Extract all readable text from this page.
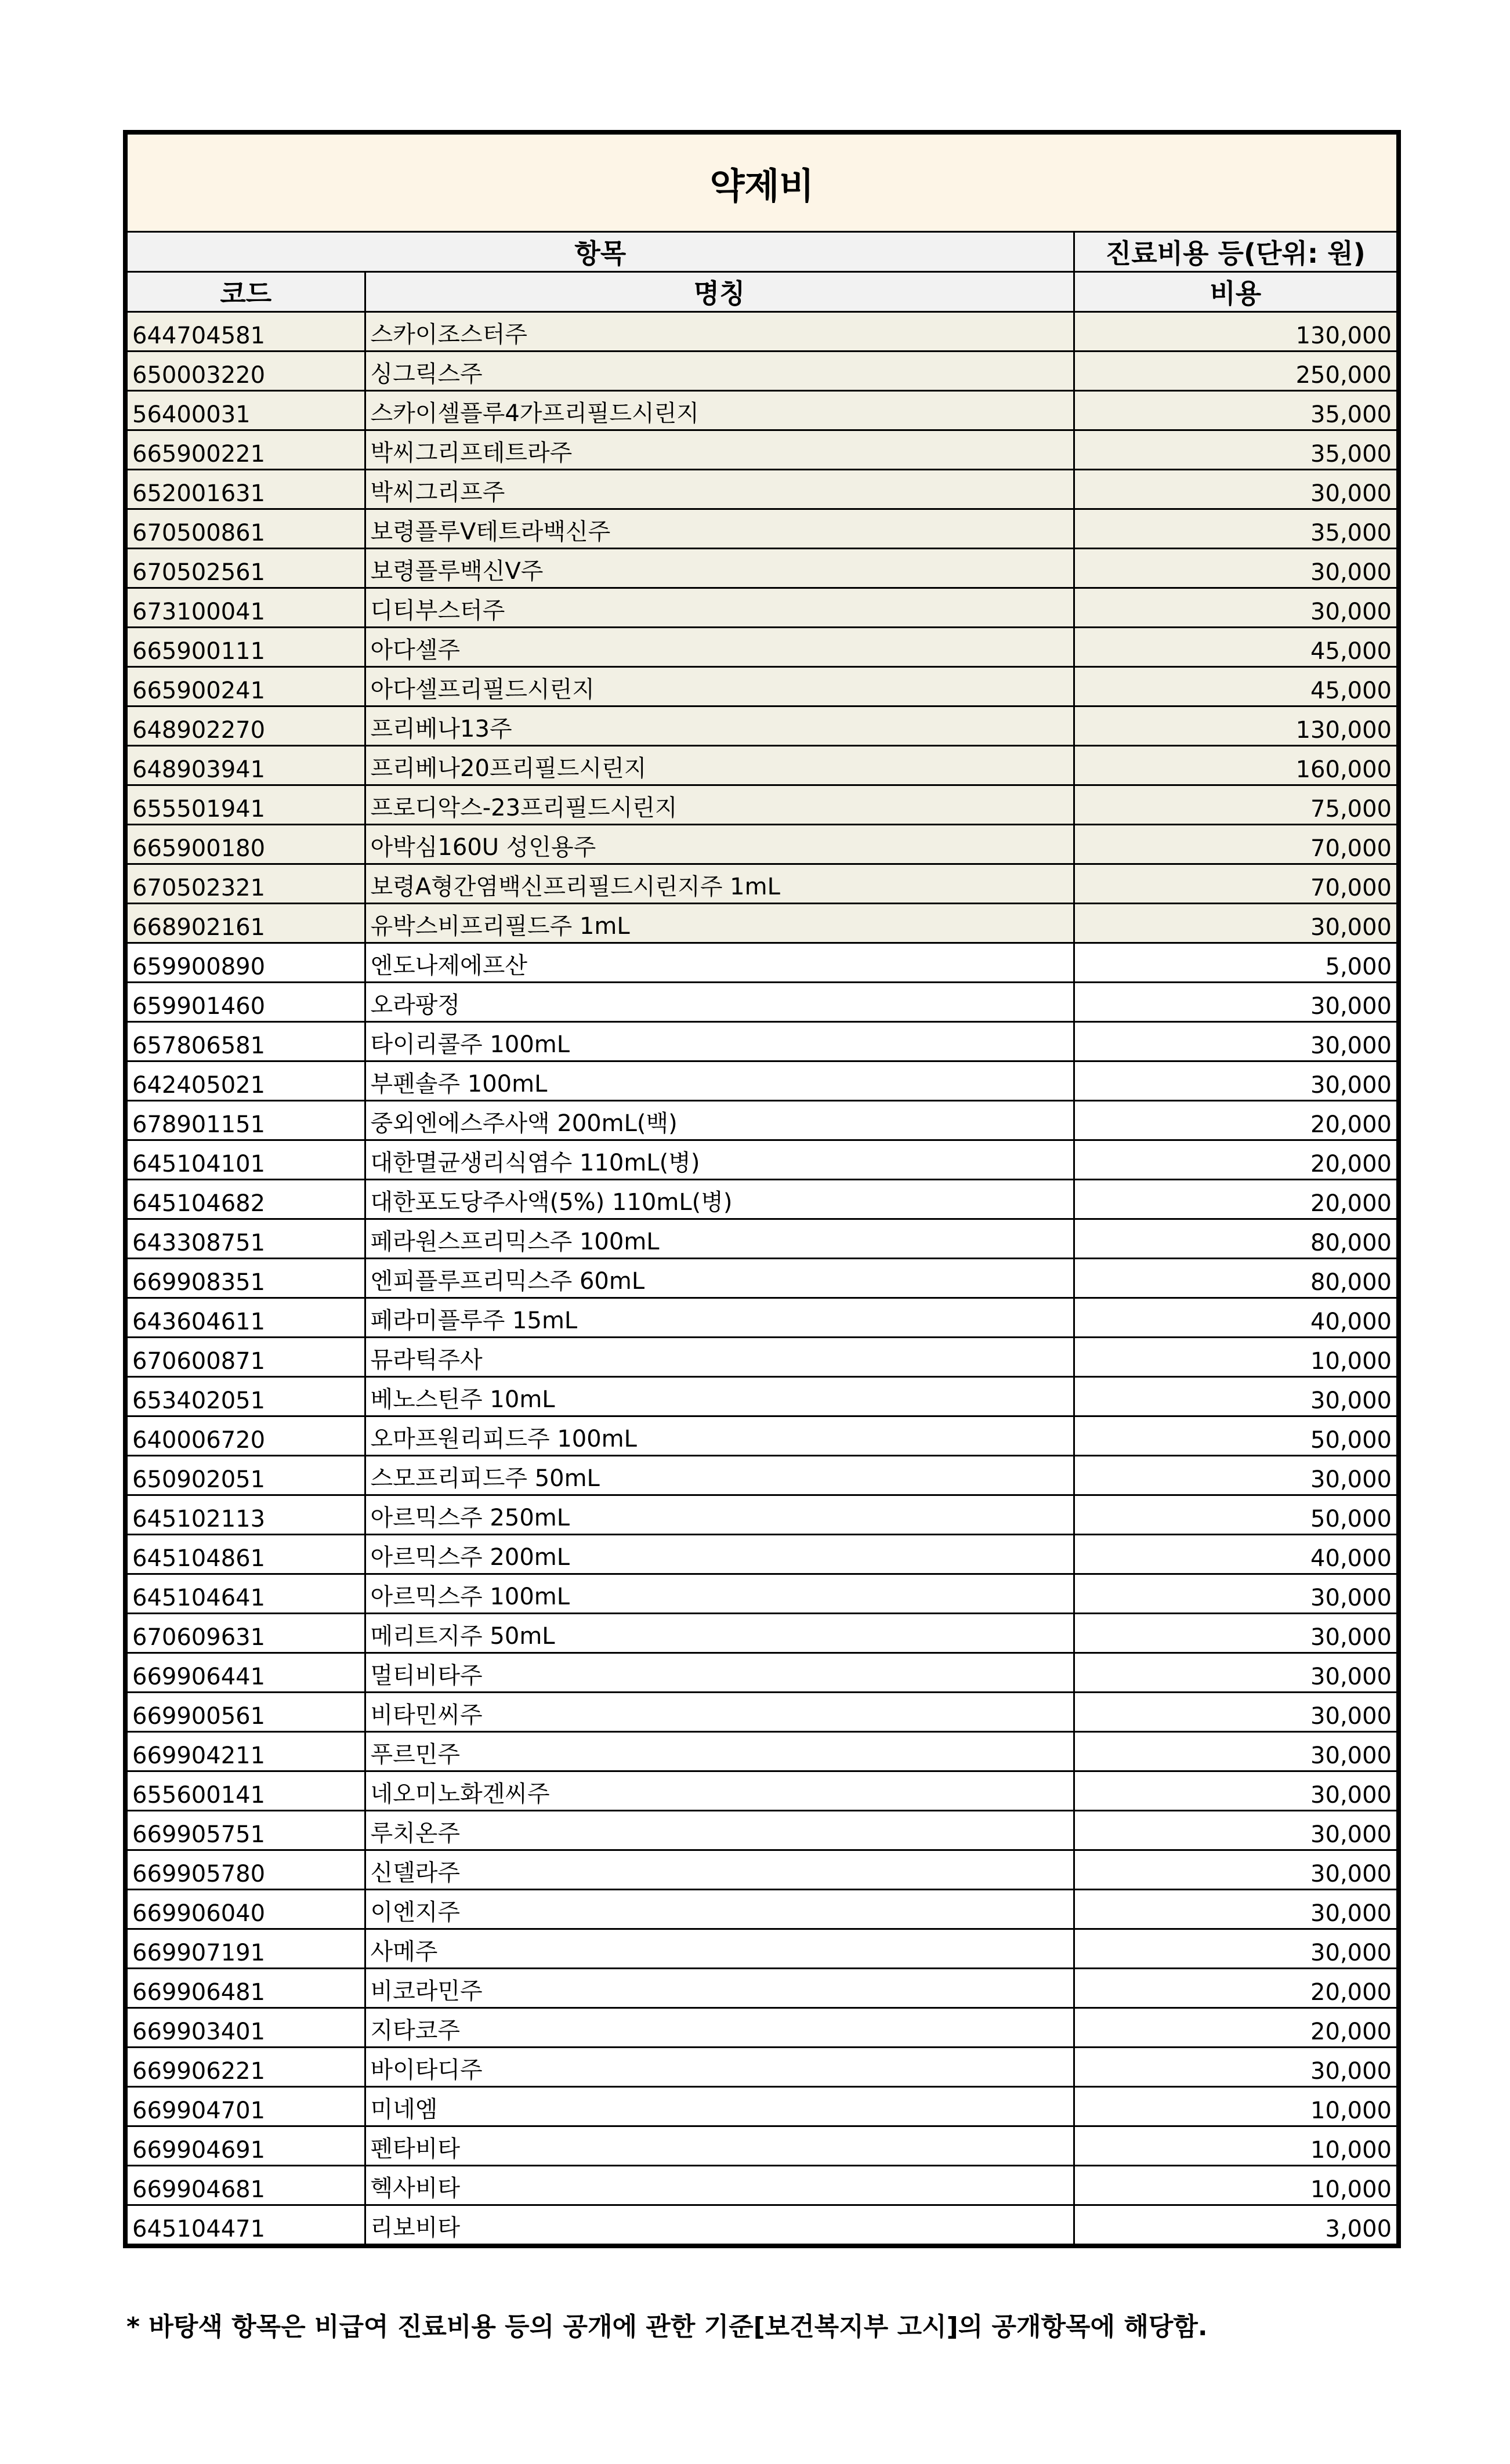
약제비		
항목		진료비용 등(단위: 원)
코드	명칭	비용
644704581	스카이조스터주	130,000
650003220	싱그릭스주	250,000
56400031	스카이셀플루4가프리필드시린지	35,000
665900221	박씨그리프테트라주	35,000
652001631	박씨그리프주	30,000
670500861	보령플루V테트라백신주	35,000
670502561	보령플루백신V주	30,000
673100041	디티부스터주	30,000
665900111	아다셀주	45,000
665900241	아다셀프리필드시린지	45,000
648902270	프리베나13주	130,000
648903941	프리베나20프리필드시린지	160,000
655501941	프로디악스-23프리필드시린지	75,000
665900180	아박심160U 성인용주	70,000
670502321	보령A형간염백신프리필드시린지주 1mL	70,000
668902161	유박스비프리필드주 1mL	30,000
659900890	엔도나제에프산	5,000
659901460	오라팡정	30,000
657806581	타이리콜주 100mL	30,000
642405021	부펜솔주 100mL	30,000
678901151	중외엔에스주사액 200mL(백)	20,000
645104101	대한멸균생리식염수 110mL(병)	20,000
645104682	대한포도당주사액(5%) 110mL(병)	20,000
643308751	페라원스프리믹스주 100mL	80,000
669908351	엔피플루프리믹스주 60mL	80,000
643604611	페라미플루주 15mL	40,000
670600871	뮤라틱주사	10,000
653402051	베노스틴주 10mL	30,000
640006720	오마프원리피드주 100mL	50,000
650902051	스모프리피드주 50mL	30,000
645102113	아르믹스주 250mL	50,000
645104861	아르믹스주 200mL	40,000
645104641	아르믹스주 100mL	30,000
670609631	메리트지주 50mL	30,000
669906441	멀티비타주	30,000
669900561	비타민씨주	30,000
669904211	푸르민주	30,000
655600141	네오미노화겐씨주	30,000
669905751	루치온주	30,000
669905780	신델라주	30,000
669906040	이엔지주	30,000
669907191	사메주	30,000
669906481	비코라민주	20,000
669903401	지타코주	20,000
669906221	바이타디주	30,000
669904701	미네엠	10,000
669904691	펜타비타	10,000
669904681	헥사비타	10,000
645104471	리보비타	3,000
* 바탕색 항목은 비급여 진료비용 등의 공개에 관한 기준[보건복지부 고시]의 공개항목에 해당함.
